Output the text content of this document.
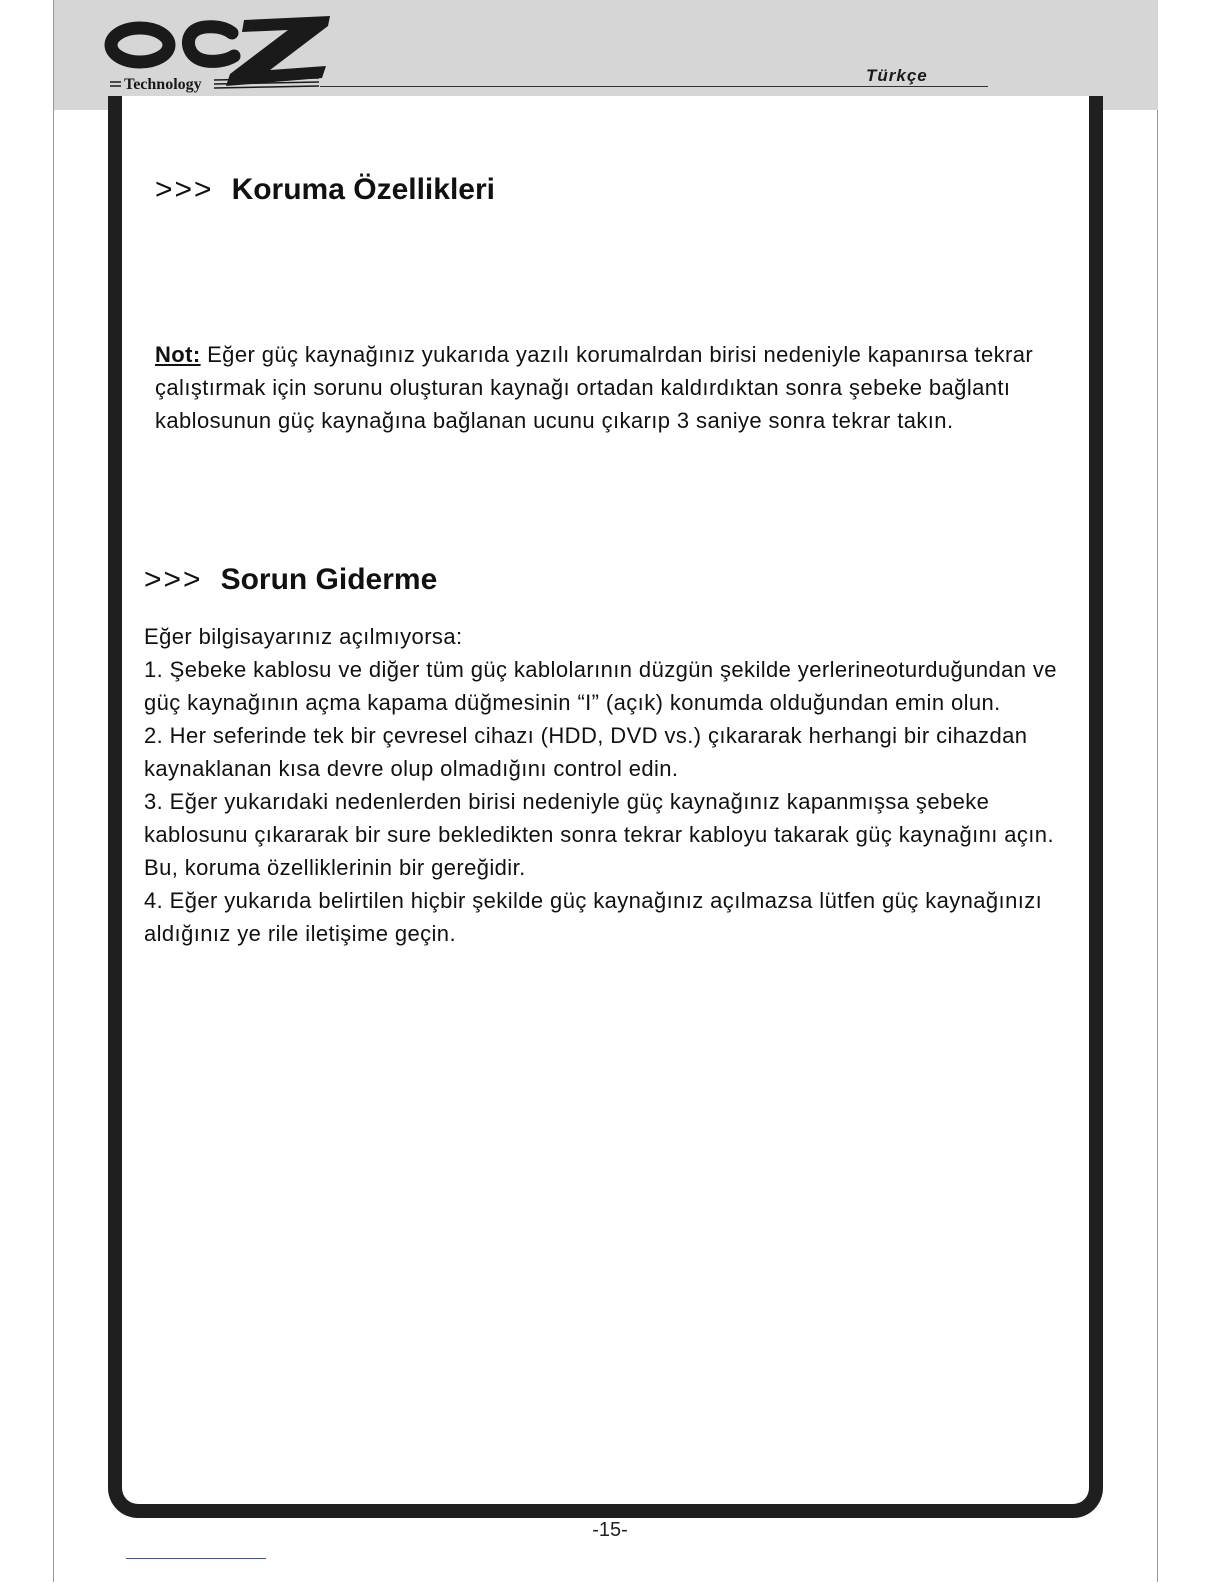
Technology	Türkçe
>>> Koruma Özellikleri

Not: Eğer güç kaynağınız yukarıda yazılı korumalrdan birisi nedeniyle kapanırsa tekrar çalıştırmak için sorunu oluşturan kaynağı ortadan kaldırdıktan sonra şebeke bağlantı kablosunun güç kaynağına bağlanan ucunu çıkarıp 3 saniye sonra tekrar takın.

>>> Sorun Giderme

Eğer bilgisayarınız açılmıyorsa:

1. Şebeke kablosu ve diğer tüm güç kablolarının düzgün şekilde yerlerineoturduğundan ve güç kaynağının açma kapama düğmesinin “I” (açık) konumda olduğundan emin olun.

2. Her seferinde tek bir çevresel cihazı (HDD, DVD vs.) çıkararak herhangi bir cihazdan kaynaklanan kısa devre olup olmadığını control edin.

3. Eğer yukarıdaki nedenlerden birisi nedeniyle güç kaynağınız kapanmışsa şebeke kablosunu çıkararak bir sure bekledikten sonra tekrar kabloyu takarak güç kaynağını açın. Bu, koruma özelliklerinin bir gereğidir.

4. Eğer yukarıda belirtilen hiçbir şekilde güç kaynağınız açılmazsa lütfen güç kaynağınızı aldığınız ye rile iletişime geçin.

-15-
